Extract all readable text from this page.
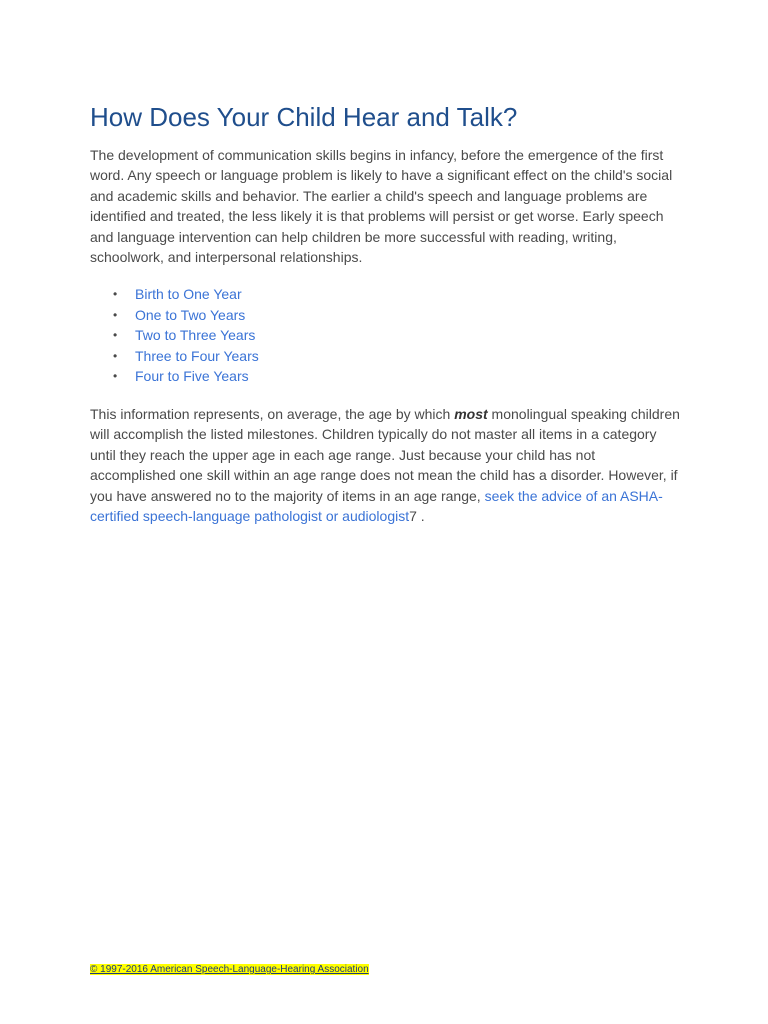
How Does Your Child Hear and Talk?

The development of communication skills begins in infancy, before the emergence of the first word. Any speech or language problem is likely to have a significant effect on the child's social and academic skills and behavior. The earlier a child's speech and language problems are identified and treated, the less likely it is that problems will persist or get worse. Early speech and language intervention can help children be more successful with reading, writing, schoolwork, and interpersonal relationships.

• Birth to One Year
• One to Two Years
• Two to Three Years
• Three to Four Years
• Four to Five Years

This information represents, on average, the age by which most monolingual speaking children will accomplish the listed milestones. Children typically do not master all items in a category until they reach the upper age in each age range. Just because your child has not accomplished one skill within an age range does not mean the child has a disorder. However, if you have answered no to the majority of items in an age range, seek the advice of an ASHA-certified speech-language pathologist or audiologist7 .

© 1997-2016 American Speech-Language-Hearing Association
